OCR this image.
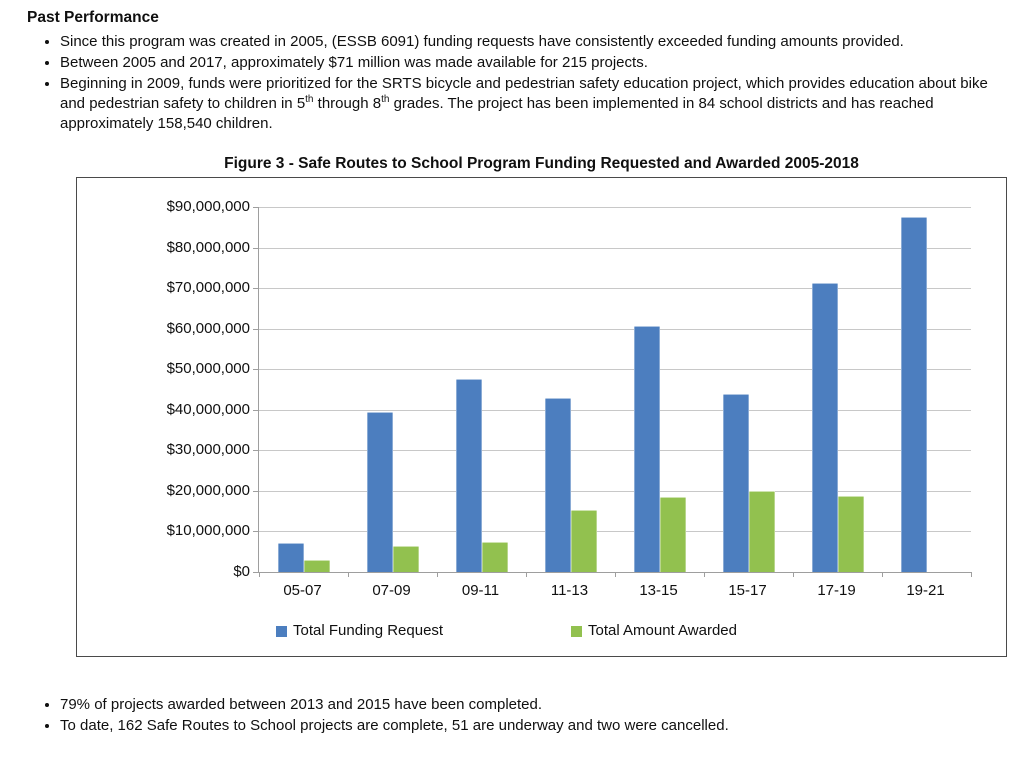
Past Performance
• Since this program was created in 2005, (ESSB 6091) funding requests have consistently exceeded funding amounts provided.
• Between 2005 and 2017, approximately $71 million was made available for 215 projects.
• Beginning in 2009, funds were prioritized for the SRTS bicycle and pedestrian safety education project, which provides education about bike and pedestrian safety to children in 5th through 8th grades. The project has been implemented in 84 school districts and has reached approximately 158,540 children.
Figure 3 - Safe Routes to School Program Funding Requested and Awarded 2005-2018
$90,000,000
$80,000,000
$70,000,000
$60,000,000
$50,000,000
$40,000,000
$30,000,000
$20,000,000
$10,000,000
$0
05-07	07-09	09-11	11-13	13-15	15-17	17-19	19-21
Total Funding Request	Total Amount Awarded
• 79% of projects awarded between 2013 and 2015 have been completed.
• To date, 162 Safe Routes to School projects are complete, 51 are underway and two were cancelled.
